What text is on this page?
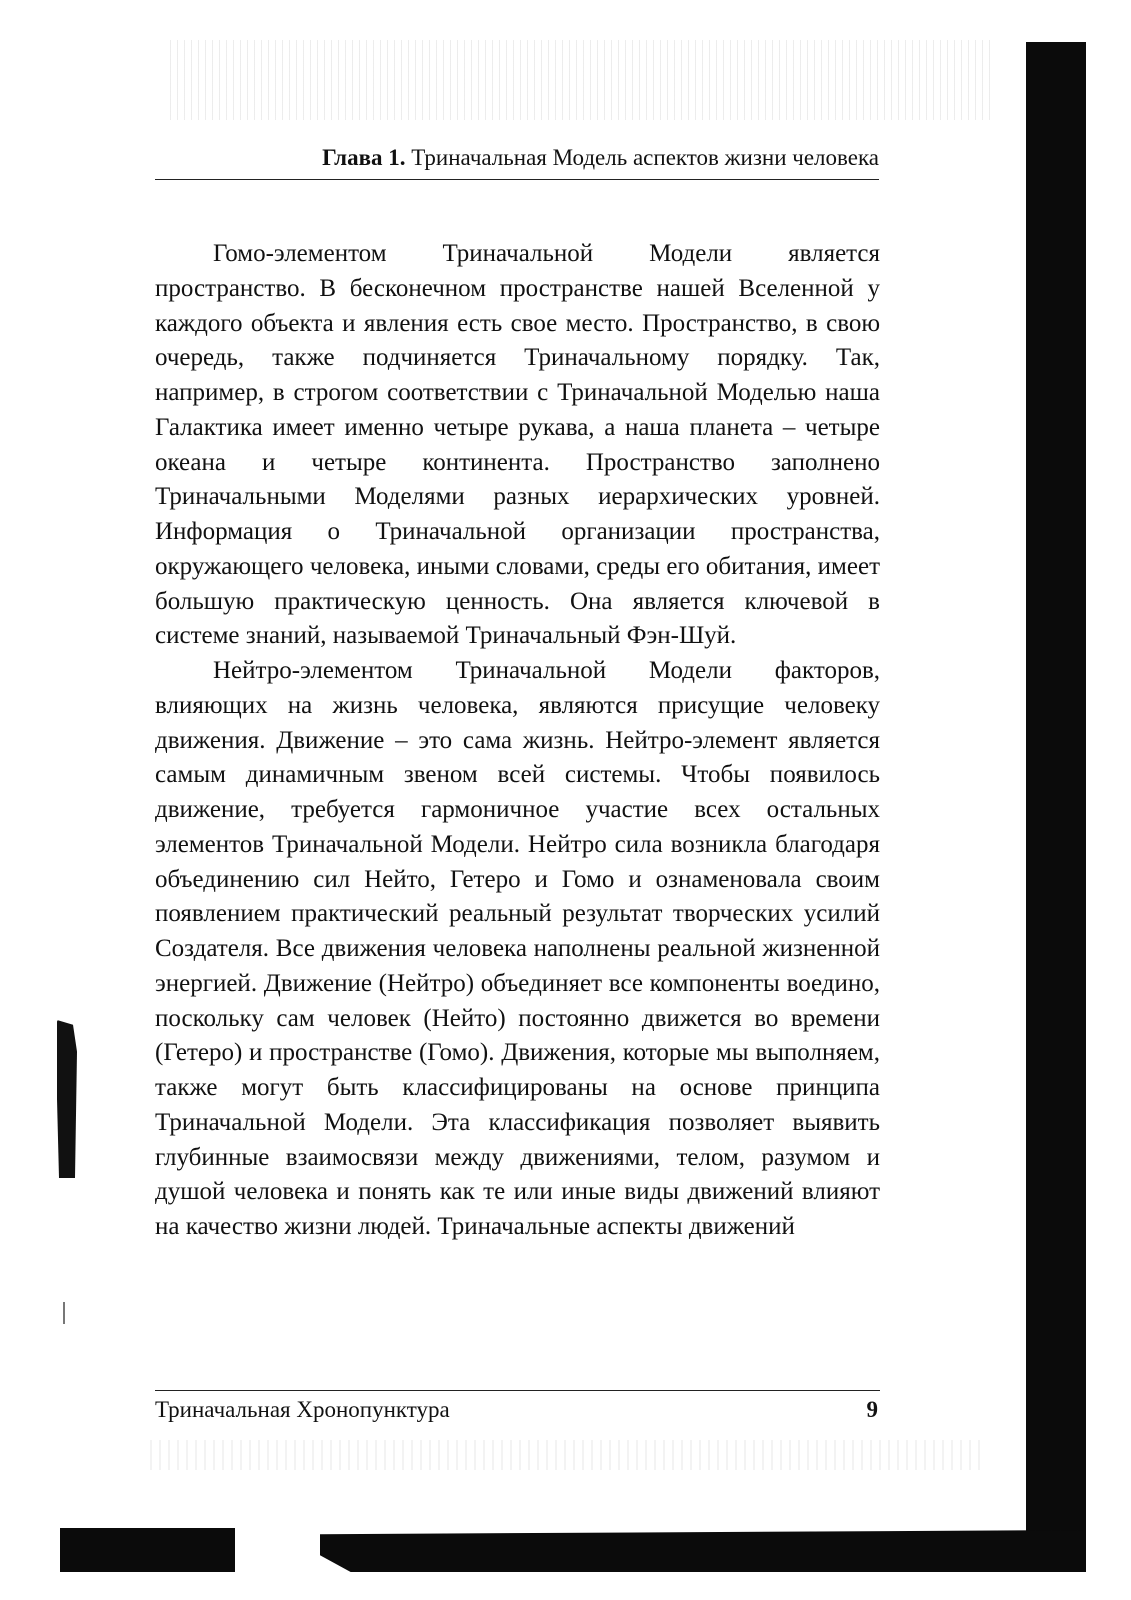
Глава 1. Триначальная Модель аспектов жизни человека

Гомо-элементом Триначальной Модели является пространство. В бесконечном пространстве нашей Вселенной у каждого объекта и явления есть свое место. Пространство, в свою очередь, также подчиняется Триначальному порядку. Так, например, в строгом соответствии с Триначальной Моделью наша Галактика имеет именно четыре рукава, а наша планета – четыре океана и четыре континента. Пространство заполнено Триначальными Моделями разных иерархических уровней. Информация о Триначальной организации пространства, окружающего человека, иными словами, среды его обитания, имеет большую практическую ценность. Она является ключевой в системе знаний, называемой Триначальный Фэн-Шуй.

Нейтро-элементом Триначальной Модели факторов, влияющих на жизнь человека, являются присущие человеку движения. Движение – это сама жизнь. Нейтро-элемент является самым динамичным звеном всей системы. Чтобы появилось движение, требуется гармоничное участие всех остальных элементов Триначальной Модели. Нейтро сила возникла благодаря объединению сил Нейто, Гетеро и Гомо и ознаменовала своим появлением практический реальный результат творческих усилий Создателя. Все движения человека наполнены реальной жизненной энергией. Движение (Нейтро) объединяет все компоненты воедино, поскольку сам человек (Нейто) постоянно движется во времени (Гетеро) и пространстве (Гомо). Движения, которые мы выполняем, также могут быть классифицированы на основе принципа Триначальной Модели. Эта классификация позволяет выявить глубинные взаимосвязи между движениями, телом, разумом и душой человека и понять как те или иные виды движений влияют на качество жизни людей. Триначальные аспекты движений

Триначальная Хронопунктура	9
